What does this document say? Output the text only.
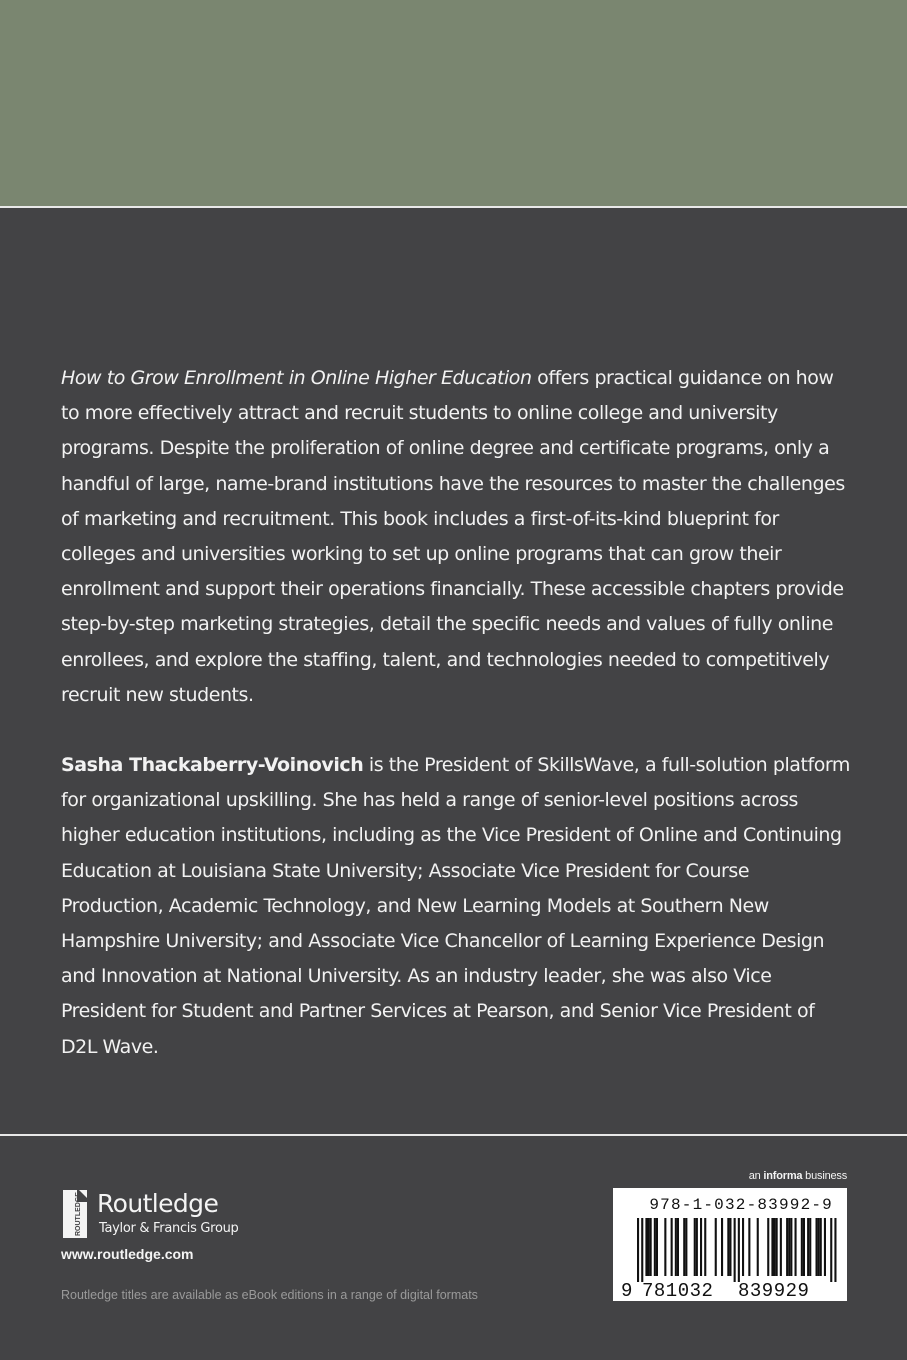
How to Grow Enrollment in Online Higher Education offers practical guidance on how to more effectively attract and recruit students to online college and university programs. Despite the proliferation of online degree and certificate programs, only a handful of large, name-brand institutions have the resources to master the challenges of marketing and recruitment. This book includes a first-of-its-kind blueprint for colleges and universities working to set up online programs that can grow their enrollment and support their operations financially. These accessible chapters provide step-by-step marketing strategies, detail the specific needs and values of fully online enrollees, and explore the staffing, talent, and technologies needed to competitively recruit new students.

Sasha Thackaberry-Voinovich is the President of SkillsWave, a full-solution platform for organizational upskilling. She has held a range of senior-level positions across higher education institutions, including as the Vice President of Online and Continuing Education at Louisiana State University; Associate Vice President for Course Production, Academic Technology, and New Learning Models at Southern New Hampshire University; and Associate Vice Chancellor of Learning Experience Design and Innovation at National University. As an industry leader, she was also Vice President for Student and Partner Services at Pearson, and Senior Vice President of D2L Wave.

ROUTLEDGE Routledge
Taylor & Francis Group
www.routledge.com
Routledge titles are available as eBook editions in a range of digital formats
an informa business
978-1-032-83992-9
9 781032 839929
